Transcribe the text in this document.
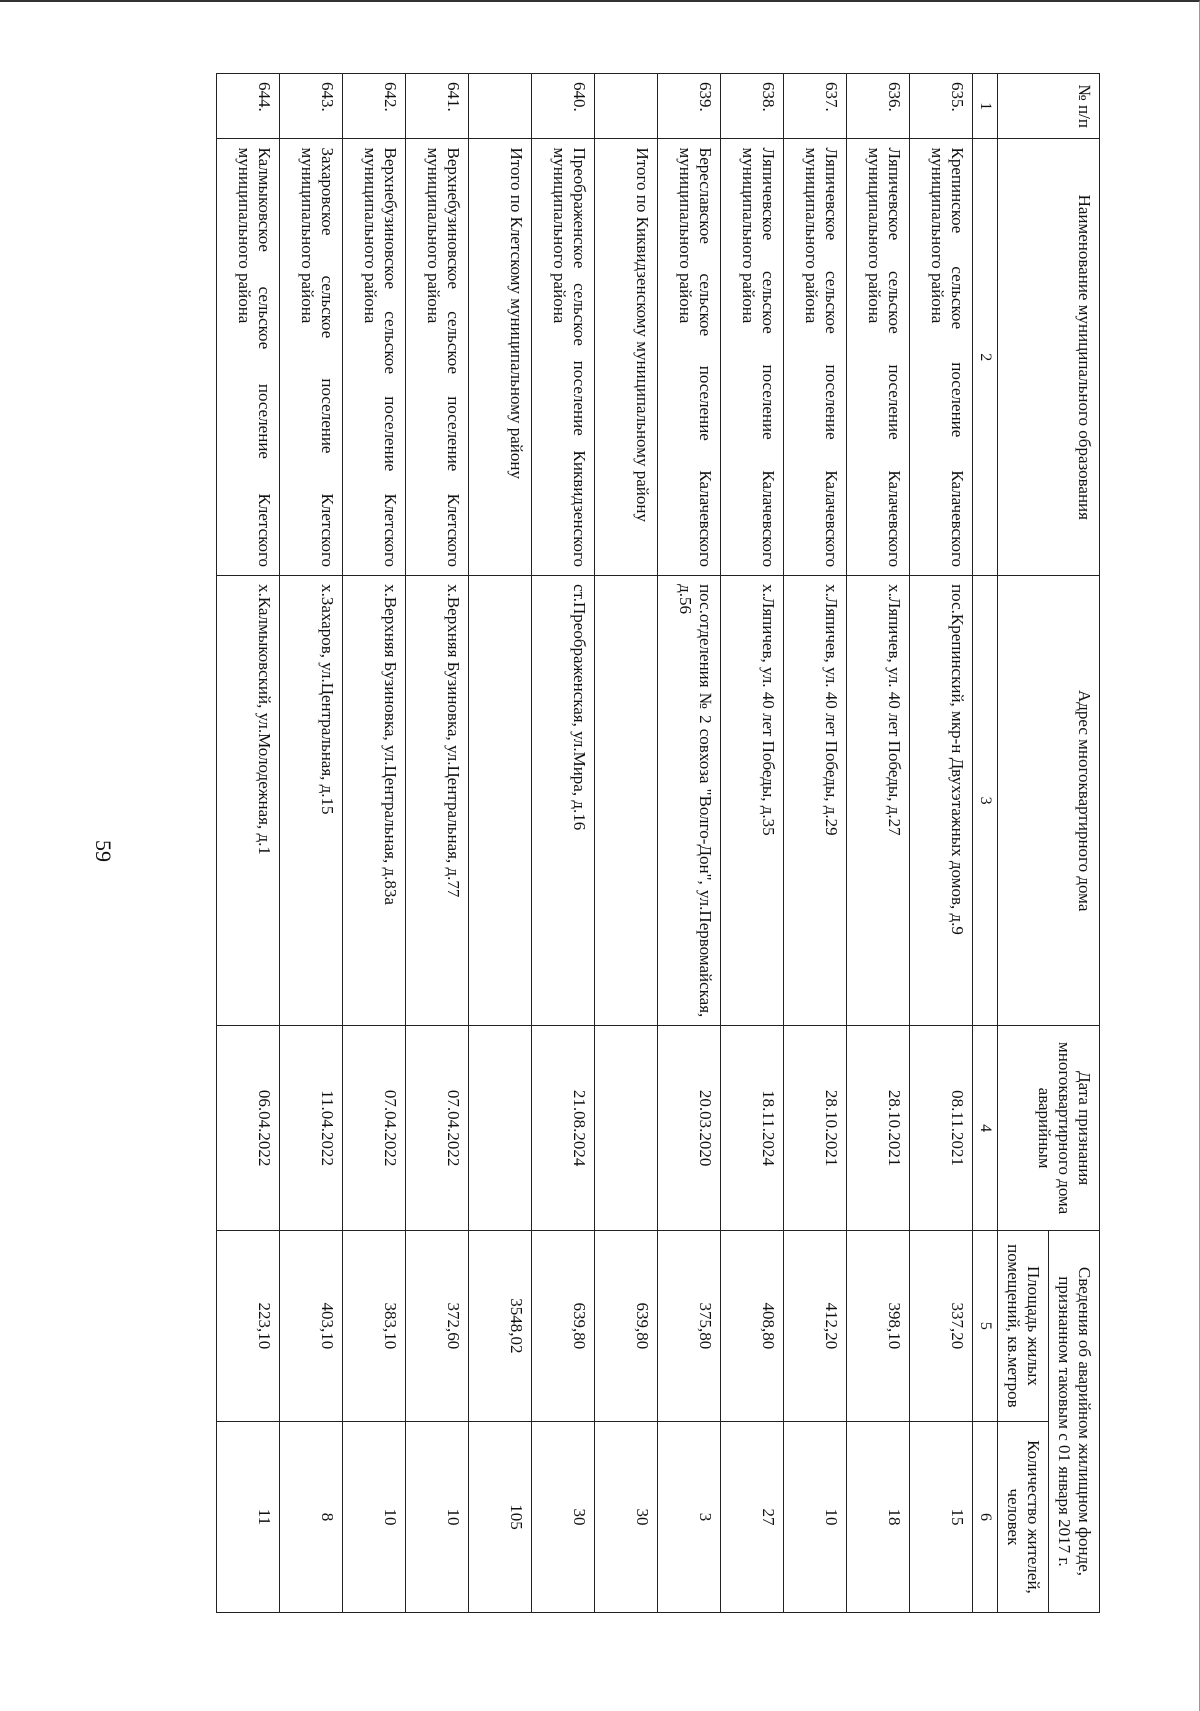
59
№ п/п	Наименование муниципального образования	Адрес многоквартирного дома	Дата признания многоквартирного дома аварийным	Сведения об аварийном жилищном фонде, признанном таковым с 01 января 2017 г.	
				Площадь жилых помещений, кв.метров	Количество жителей, человек
1	2	3	4	5	6
635.	Крепинское сельское поселение Калачевского муниципального района	пос.Крепинский, мкр-н Двухэтажных домов, д.9	08.11.2021	337,20	15
636.	Ляпичевское сельское поселение Калачевского муниципального района	х.Ляпичев, ул. 40 лет Победы, д.27	28.10.2021	398,10	18
637.	Ляпичевское сельское поселение Калачевского муниципального района	х.Ляпичев, ул. 40 лет Победы, д.29	28.10.2021	412,20	10
638.	Ляпичевское сельское поселение Калачевского муниципального района	х.Ляпичев, ул. 40 лет Победы, д.35	18.11.2024	408,80	27
639.	Береславское сельское поселение Калачевского муниципального района	пос.отделения № 2 совхоза "Волго-Дон", ул.Первомайская, д.56	20.03.2020	375,80	3
	Итого по Киквидзенскому муниципальному району			639,80	30
640.	Преображенское сельское поселение Киквидзенского муниципального района	ст.Преображенская, ул.Мира, д.16	21.08.2024	639,80	30
	Итого по Клетскому муниципальному району			3548,02	105
641.	Верхнебузиновское сельское поселение Клетского муниципального района	х.Верхняя Бузиновка, ул.Центральная, д.77	07.04.2022	372,60	10
642.	Верхнебузиновское сельское поселение Клетского муниципального района	х.Верхняя Бузиновка, ул.Центральная, д.83а	07.04.2022	383,10	10
643.	Захаровское сельское поселение Клетского муниципального района	х.Захаров, ул.Центральная, д.15	11.04.2022	403,10	8
644.	Калмыковское сельское поселение Клетского муниципального района	х.Калмыковский, ул.Молодежная, д.1	06.04.2022	223,10	11
